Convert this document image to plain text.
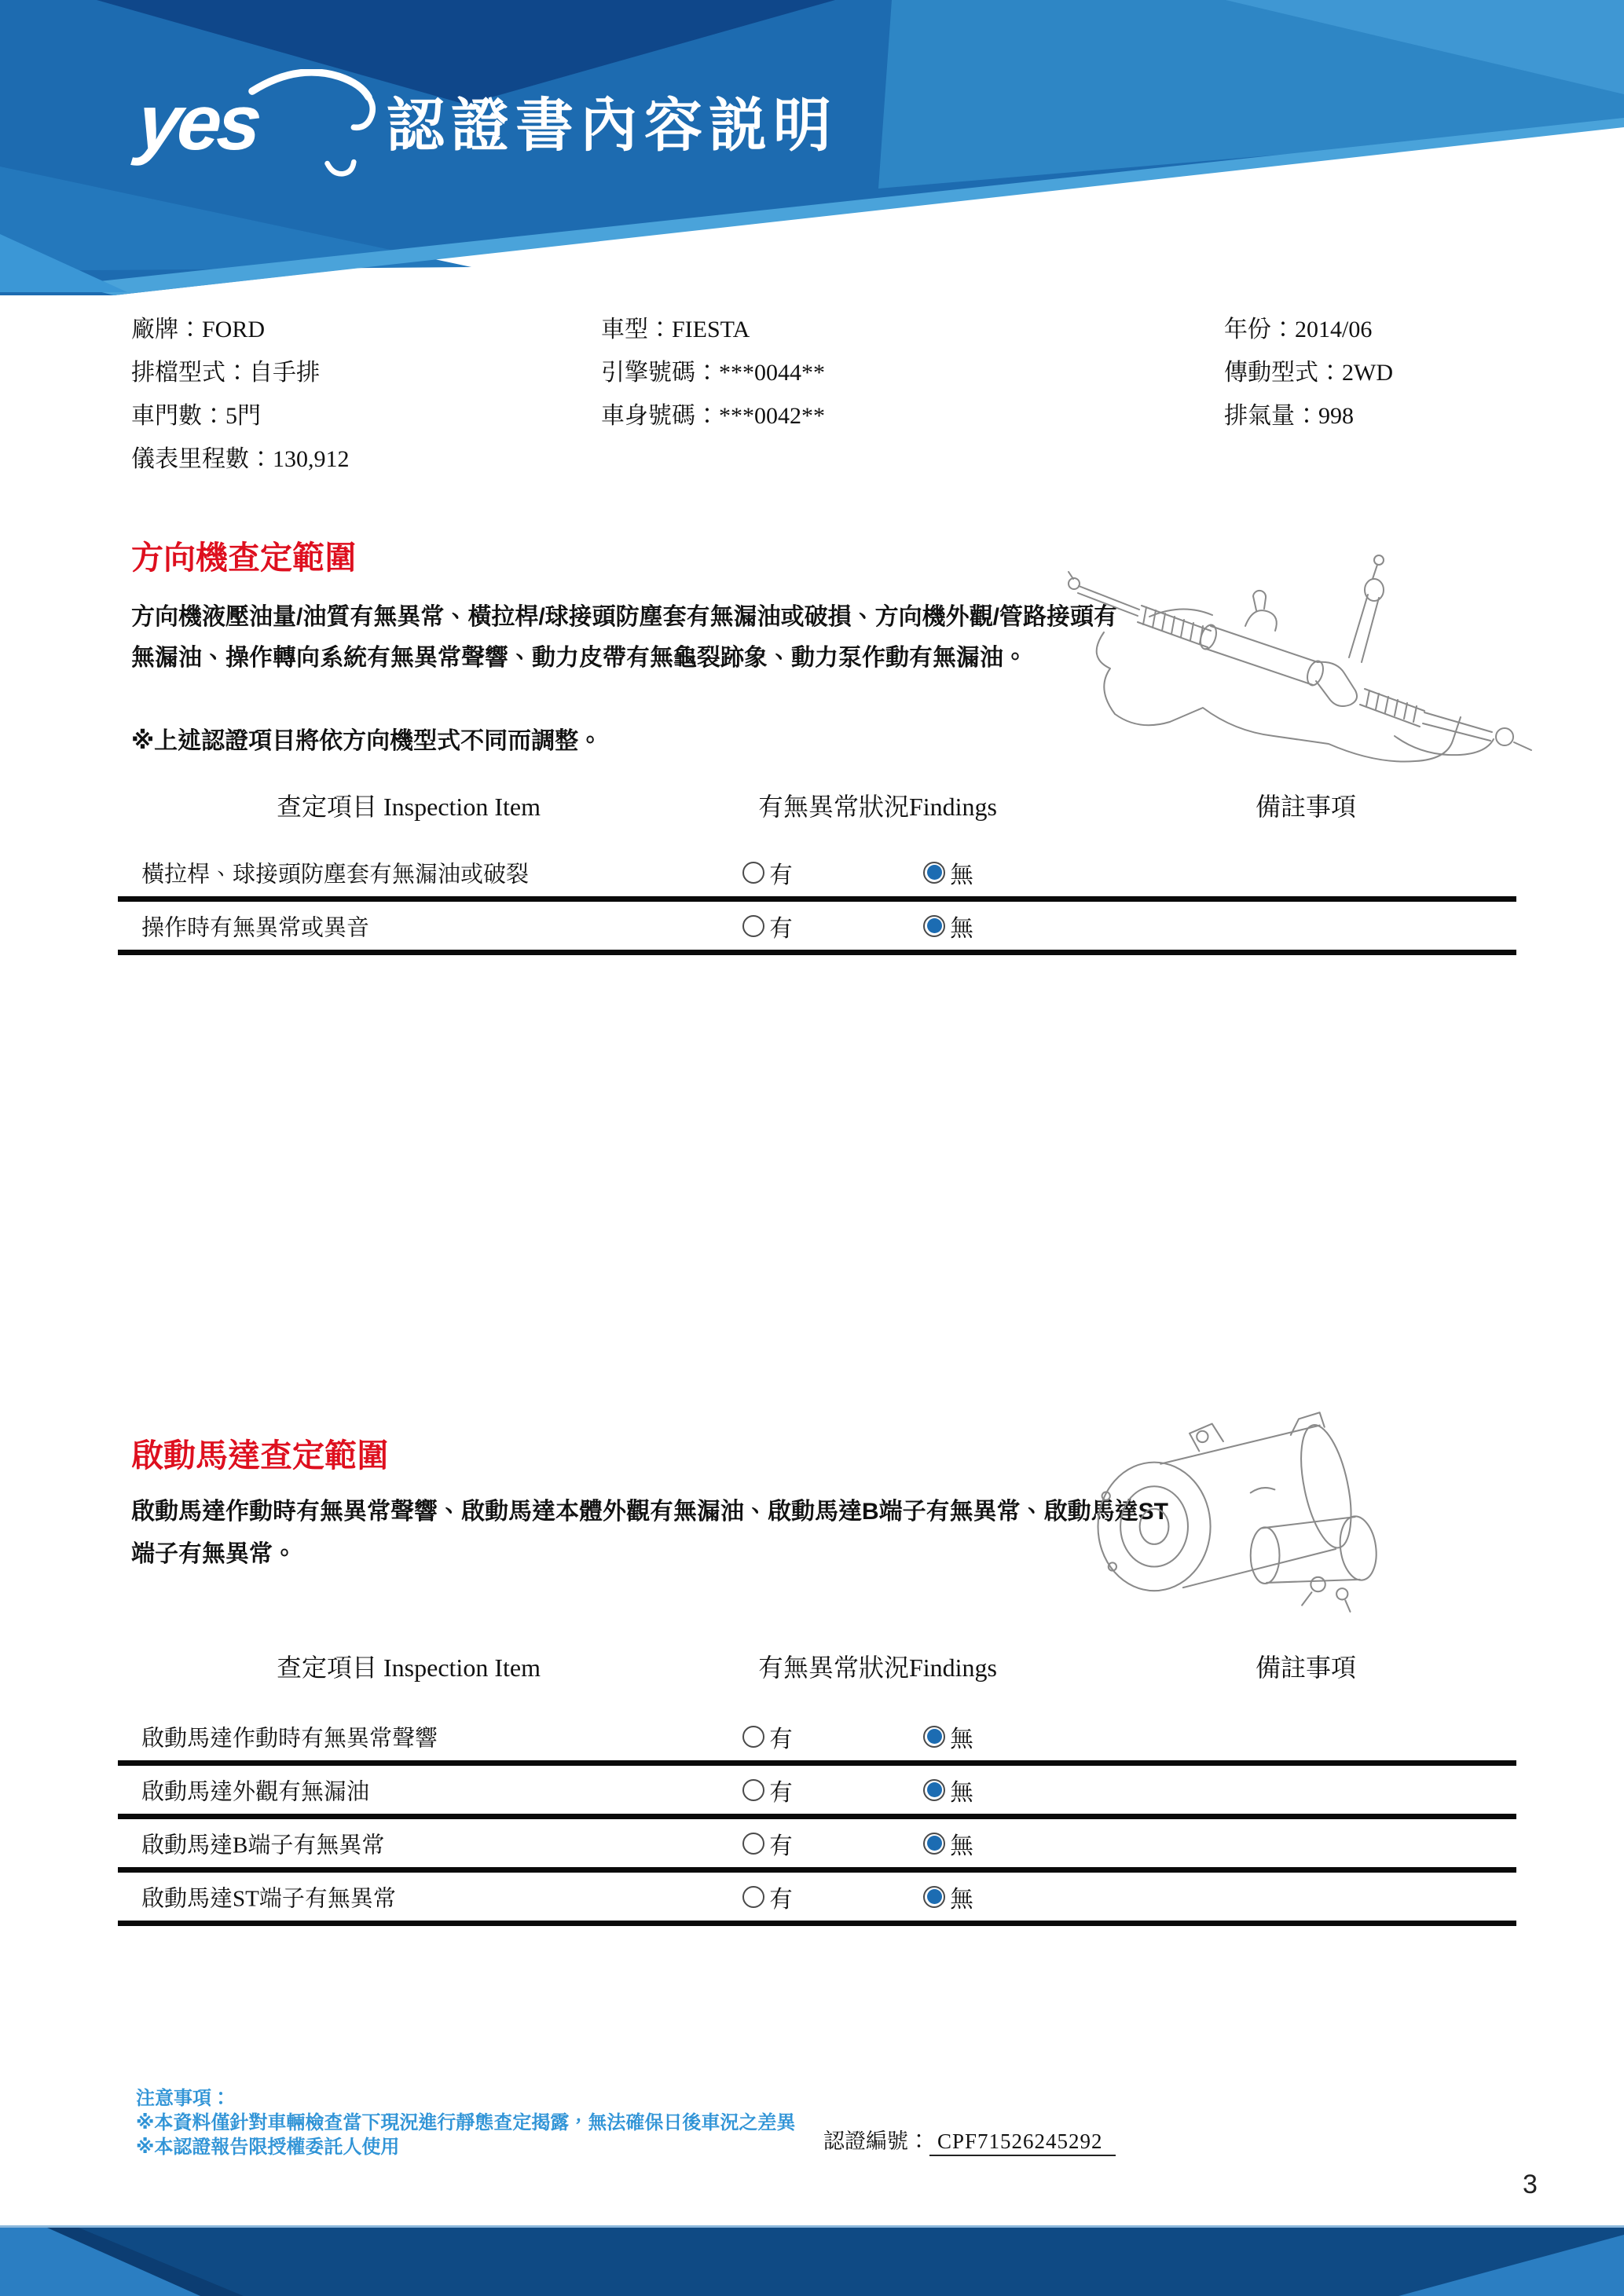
yes 認證書內容説明
廠牌：FORD
排檔型式：自手排
車門數：5門
儀表里程數：130,912
車型：FIESTA
引擎號碼：***0044**
車身號碼：***0042**
年份：2014/06
傳動型式：2WD
排氣量：998
方向機查定範圍
方向機液壓油量/油質有無異常、橫拉桿/球接頭防塵套有無漏油或破損、方向機外觀/管路接頭有無漏油、操作轉向系統有無異常聲響、動力皮帶有無龜裂跡象、動力泵作動有無漏油。
※上述認證項目將依方向機型式不同而調整。
查定項目 Inspection Item	有無異常狀況Findings	備註事項
橫拉桿、球接頭防塵套有無漏油或破裂	有	無
操作時有無異常或異音	有	無
啟動馬達查定範圍
啟動馬達作動時有無異常聲響、啟動馬達本體外觀有無漏油、啟動馬達B端子有無異常、啟動馬達ST端子有無異常。
查定項目 Inspection Item	有無異常狀況Findings	備註事項
啟動馬達作動時有無異常聲響	有	無
啟動馬達外觀有無漏油	有	無
啟動馬達B端子有無異常	有	無
啟動馬達ST端子有無異常	有	無
注意事項：
※本資料僅針對車輛檢查當下現況進行靜態查定揭露，無法確保日後車況之差異
※本認證報告限授權委託人使用	認證編號： CPF71526245292
3
